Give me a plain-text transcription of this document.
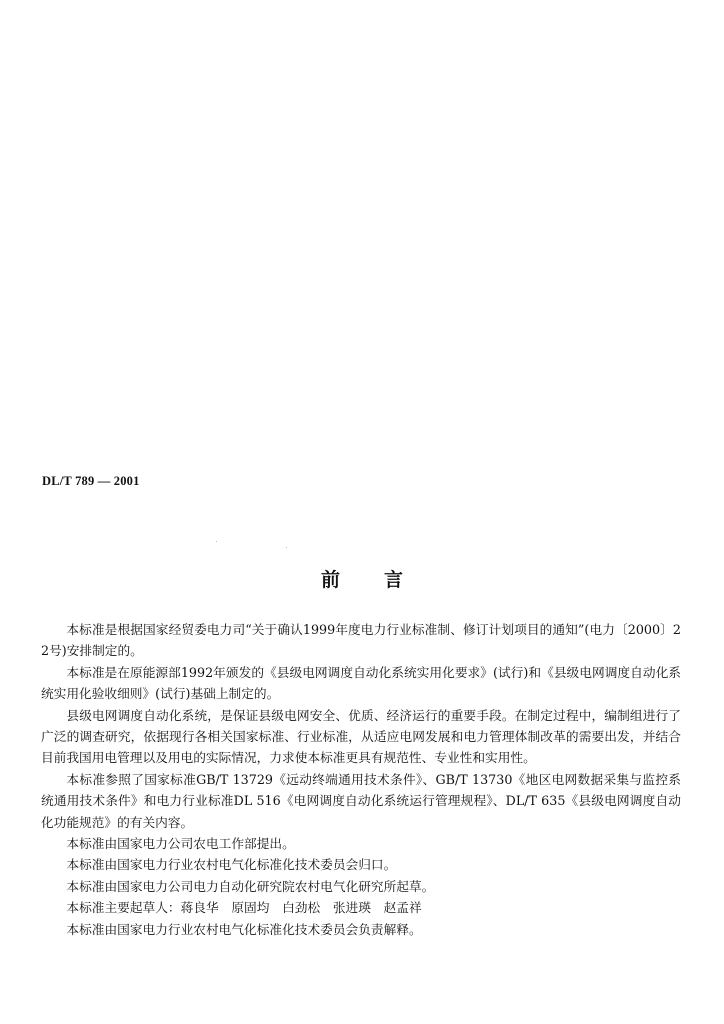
DL/T 789 — 2001
前言

本标准是根据国家经贸委电力司“关于确认1999年度电力行业标准制、修订计划项目的通知”(电力〔2000〕22号)安排制定的。

本标准是在原能源部1992年颁发的《县级电网调度自动化系统实用化要求》(试行)和《县级电网调度自动化系统实用化验收细则》(试行)基础上制定的。

县级电网调度自动化系统，是保证县级电网安全、优质、经济运行的重要手段。在制定过程中，编制组进行了广泛的调查研究，依据现行各相关国家标准、行业标准，从适应电网发展和电力管理体制改革的需要出发，并结合目前我国用电管理以及用电的实际情况，力求使本标准更具有规范性、专业性和实用性。

本标准参照了国家标准GB/T 13729《远动终端通用技术条件》、GB/T 13730《地区电网数据采集与监控系统通用技术条件》和电力行业标准DL 516《电网调度自动化系统运行管理规程》、DL/T 635《县级电网调度自动化功能规范》的有关内容。

本标准由国家电力公司农电工作部提出。

本标准由国家电力行业农村电气化标准化技术委员会归口。

本标准由国家电力公司电力自动化研究院农村电气化研究所起草。

本标准主要起草人：蒋良华　原固均　白劲松　张进瑛　赵孟祥

本标准由国家电力行业农村电气化标准化技术委员会负责解释。
